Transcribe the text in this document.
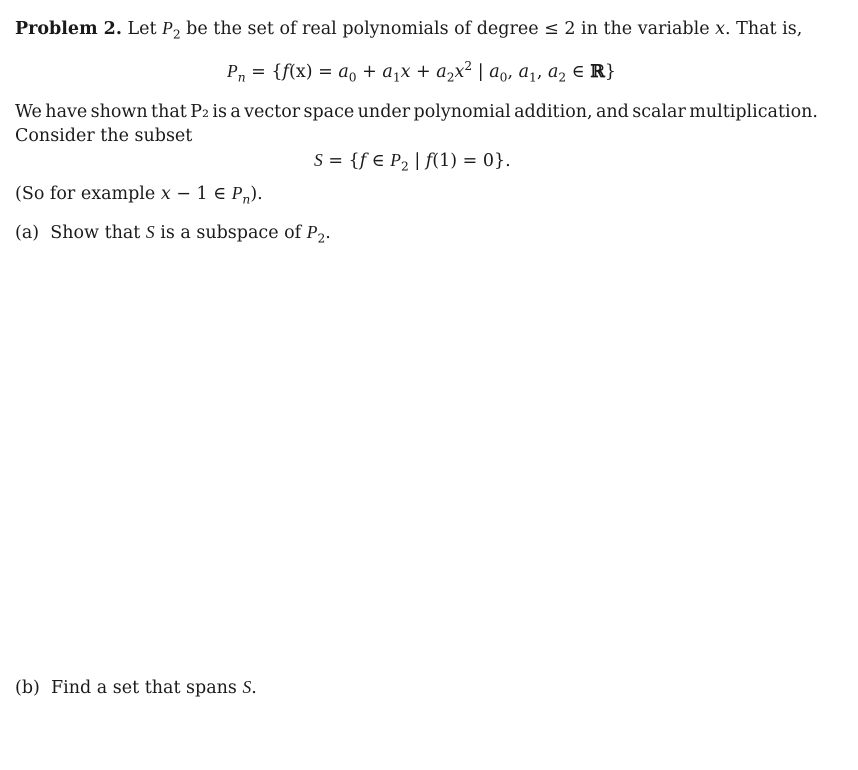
Problem 2. Let $P_2$ be the set of real polynomials of degree ≤ 2 in the variable x. That is,
$P_n = \{f(x) = a_0 + a_1x + a_2x^2$ | $a_0$, $a_1$, $a_2$ ∈ ℝ}
We have shown that P₂ is a vector space under polynomial addition, and scalar multiplication.
Consider the subset
S = {f ∈ $P_2$ | f(1) = 0}.
(So for example x − 1 ∈ $P_n$).
(a) Show that S is a subspace of $P_2$.
(b) Find a set that spans S.
